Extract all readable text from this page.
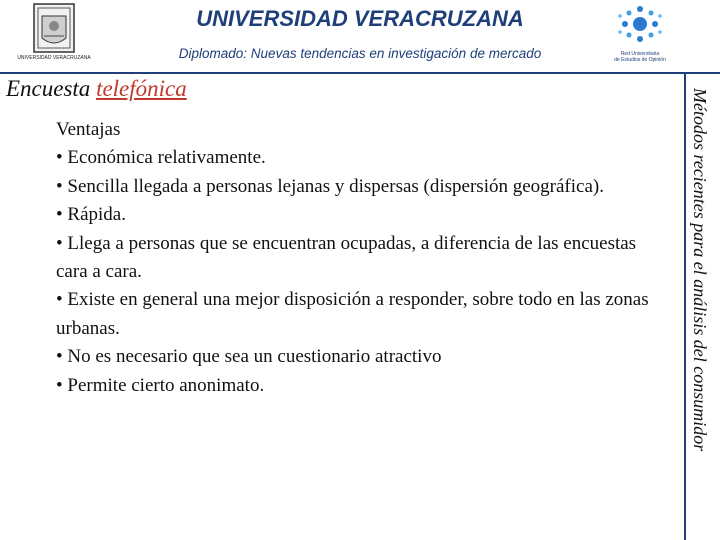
UNIVERSIDAD VERACRUZANA
UNIVERSIDAD VERACRUZANA
Diplomado: Nuevas tendencias en investigación de mercado	Red Universitaria
de Estudios de Opinión
Encuesta telefónica	Métodos recientes para el análisis del consumidor
Ventajas
• Económica relativamente.
• Sencilla llegada a personas lejanas y dispersas (dispersión geográfica).
• Rápida.
• Llega a personas que se encuentran ocupadas, a diferencia de las encuestas cara a cara.
• Existe en general una mejor disposición a responder, sobre todo en las zonas urbanas.
• No es necesario que sea un cuestionario atractivo
• Permite cierto anonimato.
